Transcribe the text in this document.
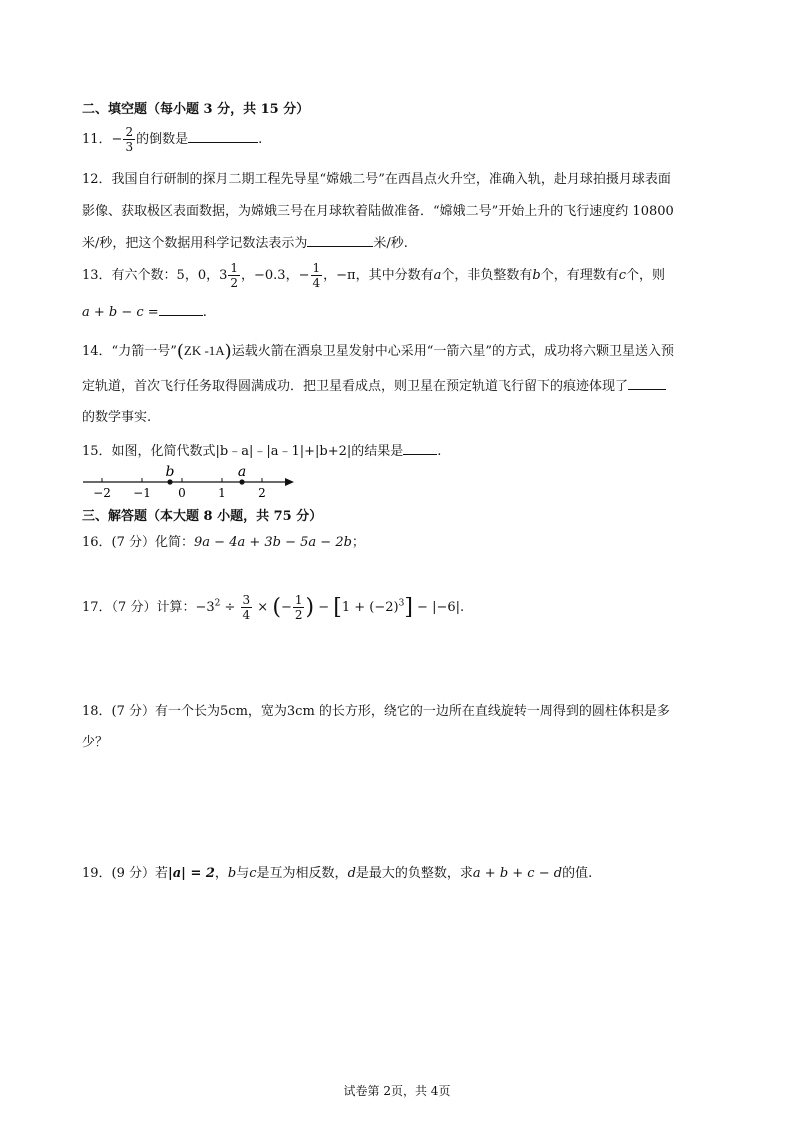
二、填空题（每小题 3 分，共 15 分）
11．− $\frac{2}{3}$ 的倒数是	.
12．我国自行研制的探月二期工程先导星“嫦娥二号”在西昌点火升空，准确入轨，赴月球拍摄月球表面
影像、获取极区表面数据，为嫦娥三号在月球软着陆做准备．“嫦娥二号”开始上升的飞行速度约 10800
米/秒，把这个数据用科学记数法表示为	米/秒.
13．有六个数：5，0，$3 \frac{1}{2}$ ，−0.3，− $\frac{1}{4}$ ，−π，其中分数有a个，非负整数有b个，有理数有c个，则
a + b − c =	.
14．“力箭一号”(ZK -1A)运载火箭在酒泉卫星发射中心采用“一箭六星”的方式，成功将六颗卫星送入预
定轨道，首次飞行任务取得圆满成功．把卫星看成点，则卫星在预定轨道飞行留下的痕迹体现了
的数学事实.
15．如图，化简代数式|b﹣a|﹣|a﹣1|+|b+2|的结果是	.
−2 −1 0	1	2
b	a
三、解答题（本大题 8 小题，共 75 分）
16．(7 分）化简：9a − 4a + 3b − 5a − 2b；
17．（7 分）计算：$-3^2 \div \frac{3}{4}$ × (− $\frac{1}{2}$ ) − $[1 + (-2)^3] - |-6|$.
18．(7 分）有一个长为5cm，宽为3cm 的长方形，绕它的一边所在直线旋转一周得到的圆柱体积是多
少？
19．(9 分）若|a| = 2，b与c是互为相反数，d是最大的负整数，求a + b + c − d的值.
试卷第 2页，共 4页
